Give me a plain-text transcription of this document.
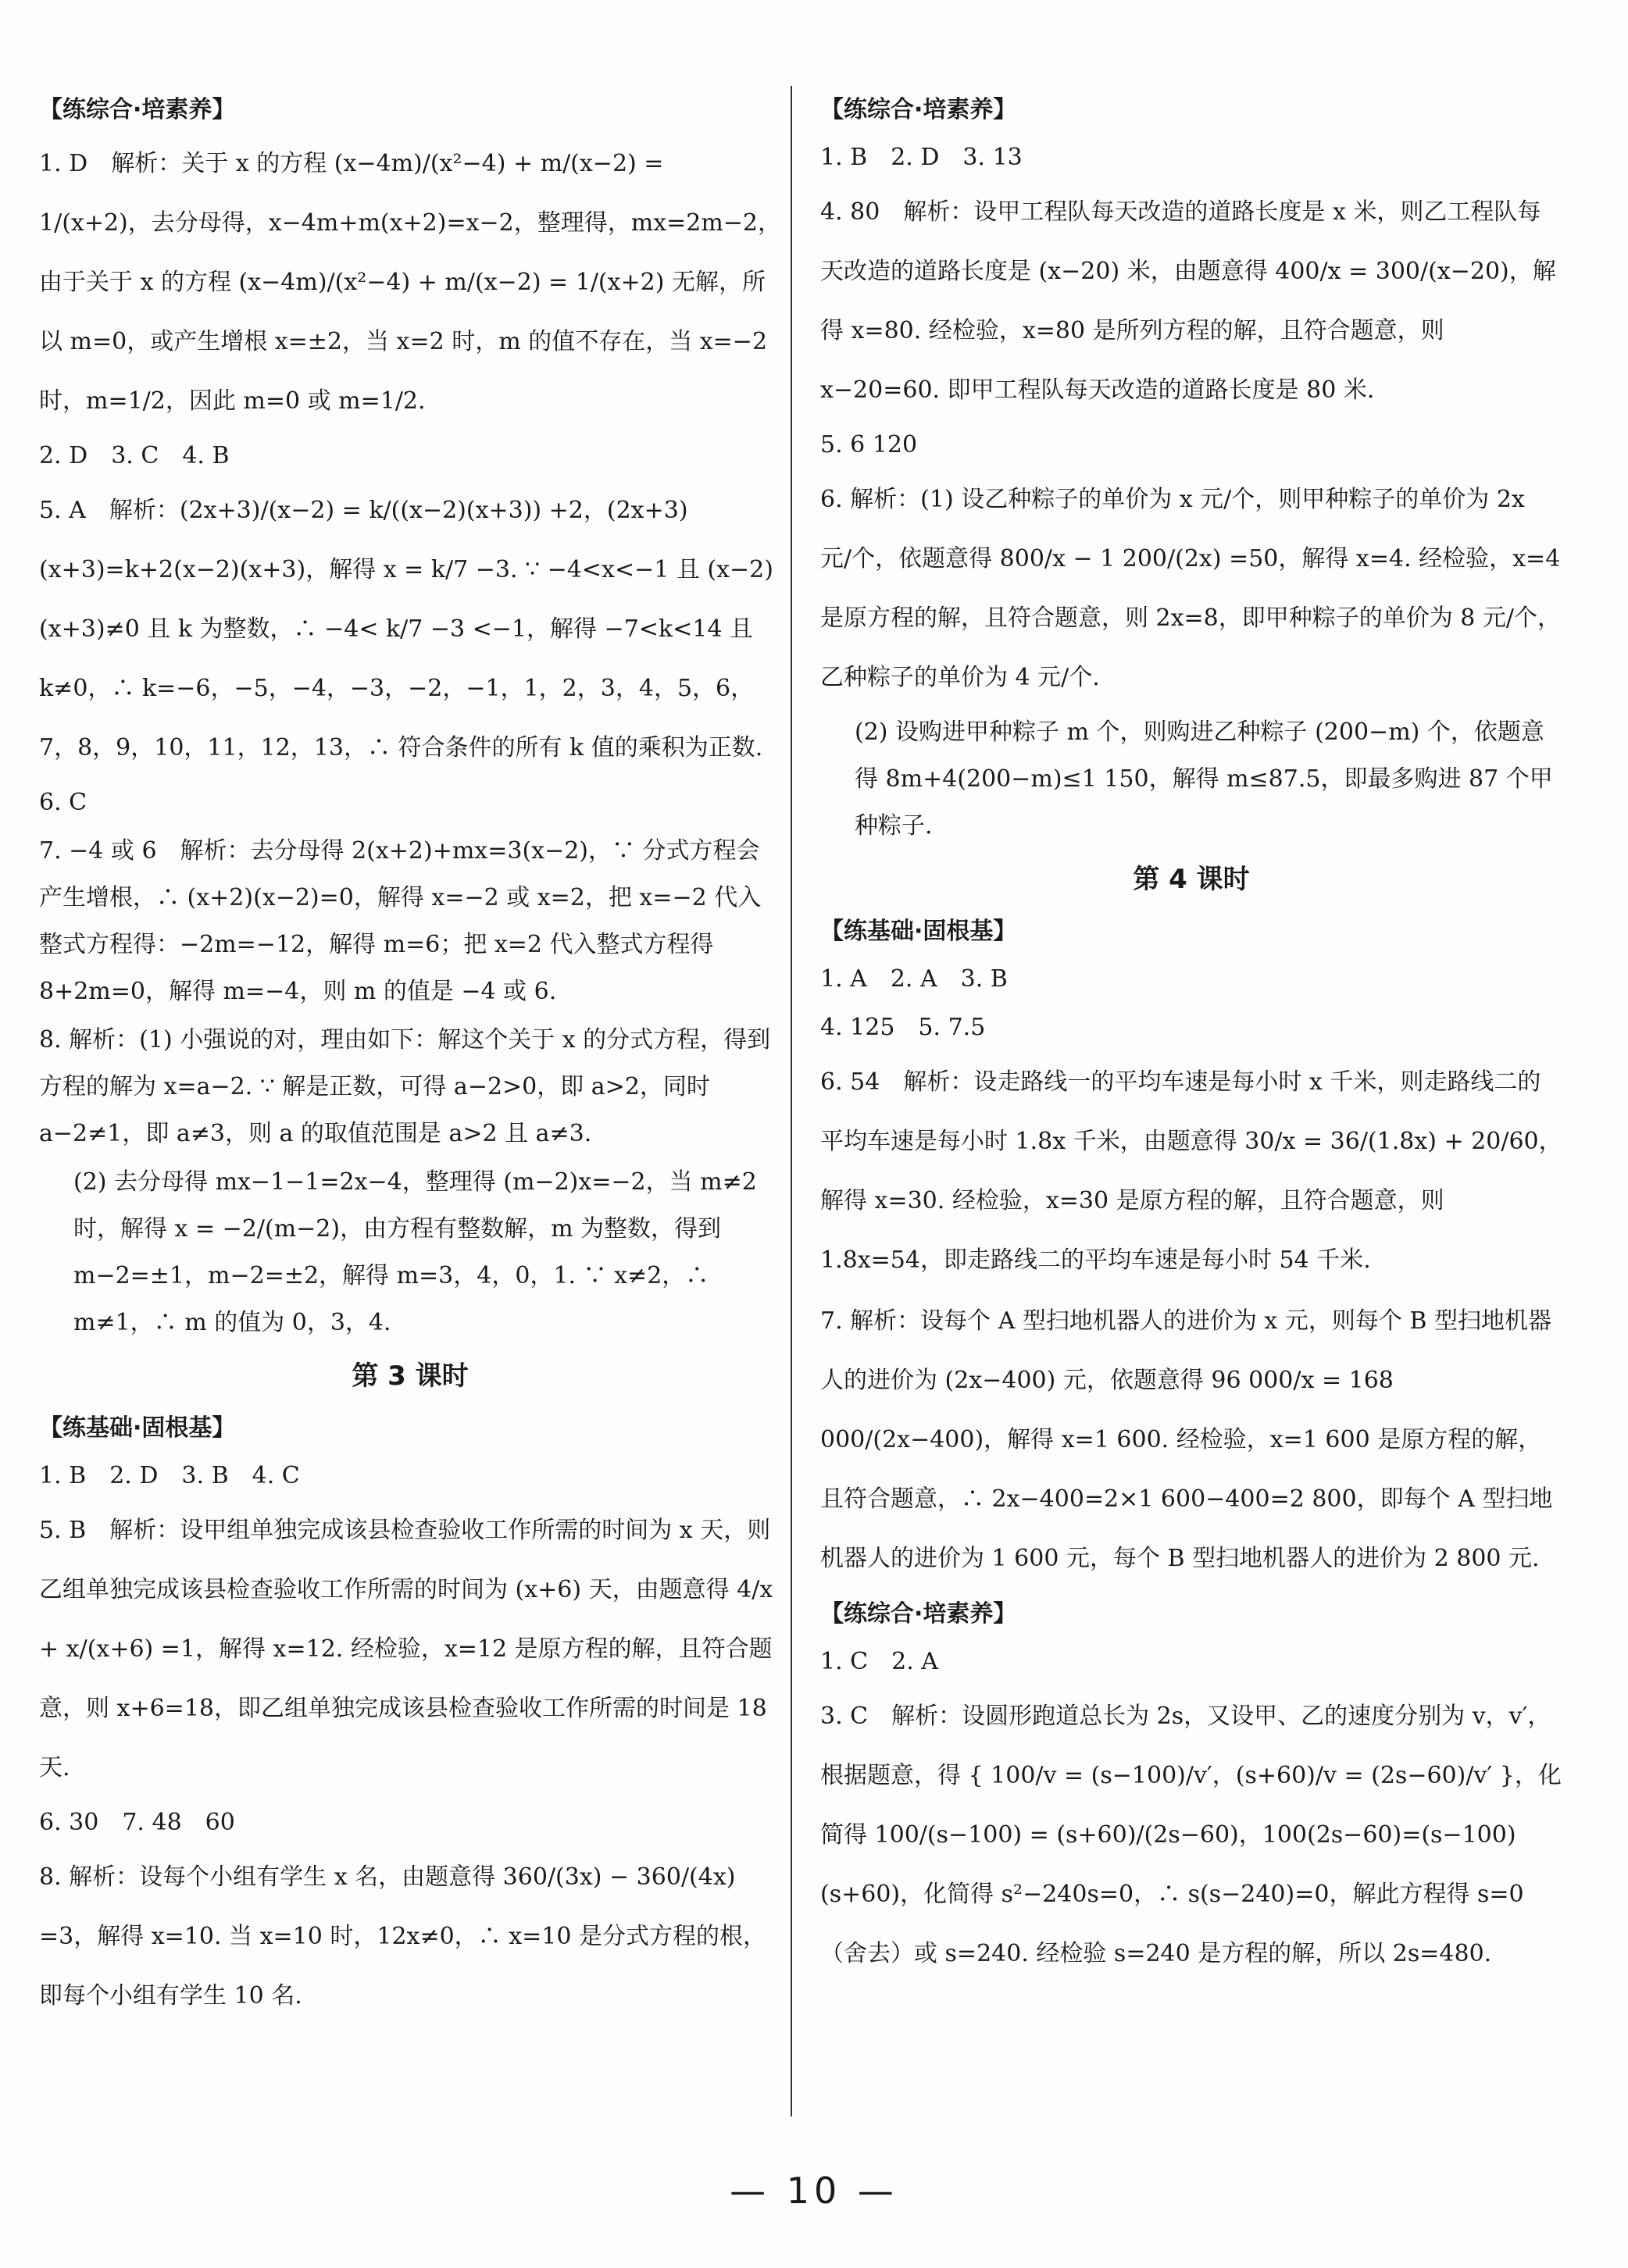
【练综合·培素养】
1. D　解析：关于 x 的方程 (x−4m)/(x²−4) + m/(x−2) = 1/(x+2)，去分母得，x−4m+m(x+2)=x−2，整理得，mx=2m−2，由于关于 x 的方程 (x−4m)/(x²−4) + m/(x−2) = 1/(x+2) 无解，所以 m=0，或产生增根 x=±2，当 x=2 时，m 的值不存在，当 x=−2 时，m=1/2，因此 m=0 或 m=1/2.
2. D　3. C　4. B
5. A　解析：(2x+3)/(x−2) = k/((x−2)(x+3)) +2，(2x+3)(x+3)=k+2(x−2)(x+3)，解得 x = k/7 −3. ∵ −4<x<−1 且 (x−2)(x+3)≠0 且 k 为整数，∴ −4< k/7 −3 <−1，解得 −7<k<14 且 k≠0，∴ k=−6，−5，−4，−3，−2，−1，1，2，3，4，5，6，7，8，9，10，11，12，13，∴ 符合条件的所有 k 值的乘积为正数.
6. C
7. −4 或 6　解析：去分母得 2(x+2)+mx=3(x−2)，∵ 分式方程会产生增根，∴ (x+2)(x−2)=0，解得 x=−2 或 x=2，把 x=−2 代入整式方程得：−2m=−12，解得 m=6；把 x=2 代入整式方程得 8+2m=0，解得 m=−4，则 m 的值是 −4 或 6.
8. 解析：(1) 小强说的对，理由如下：解这个关于 x 的分式方程，得到方程的解为 x=a−2. ∵ 解是正数，可得 a−2>0，即 a>2，同时 a−2≠1，即 a≠3，则 a 的取值范围是 a>2 且 a≠3.
(2) 去分母得 mx−1−1=2x−4，整理得 (m−2)x=−2，当 m≠2 时，解得 x = −2/(m−2)，由方程有整数解，m 为整数，得到 m−2=±1，m−2=±2，解得 m=3，4，0，1. ∵ x≠2，∴ m≠1，∴ m 的值为 0，3，4.
第 3 课时
【练基础·固根基】
1. B　2. D　3. B　4. C
5. B　解析：设甲组单独完成该县检查验收工作所需的时间为 x 天，则乙组单独完成该县检查验收工作所需的时间为 (x+6) 天，由题意得 4/x + x/(x+6) =1，解得 x=12. 经检验，x=12 是原方程的解，且符合题意，则 x+6=18，即乙组单独完成该县检查验收工作所需的时间是 18 天.
6. 30　7. 48　60
8. 解析：设每个小组有学生 x 名，由题意得 360/(3x) − 360/(4x) =3，解得 x=10. 当 x=10 时，12x≠0，∴ x=10 是分式方程的根，即每个小组有学生 10 名.
【练综合·培素养】
1. B　2. D　3. 13
4. 80　解析：设甲工程队每天改造的道路长度是 x 米，则乙工程队每天改造的道路长度是 (x−20) 米，由题意得 400/x = 300/(x−20)，解得 x=80. 经检验，x=80 是所列方程的解，且符合题意，则 x−20=60. 即甲工程队每天改造的道路长度是 80 米.
5. 6 120
6. 解析：(1) 设乙种粽子的单价为 x 元/个，则甲种粽子的单价为 2x 元/个，依题意得 800/x − 1 200/(2x) =50，解得 x=4. 经检验，x=4 是原方程的解，且符合题意，则 2x=8，即甲种粽子的单价为 8 元/个，乙种粽子的单价为 4 元/个.
(2) 设购进甲种粽子 m 个，则购进乙种粽子 (200−m) 个，依题意得 8m+4(200−m)≤1 150，解得 m≤87.5，即最多购进 87 个甲种粽子.
第 4 课时
【练基础·固根基】
1. A　2. A　3. B
4. 125　5. 7.5
6. 54　解析：设走路线一的平均车速是每小时 x 千米，则走路线二的平均车速是每小时 1.8x 千米，由题意得 30/x = 36/(1.8x) + 20/60，解得 x=30. 经检验，x=30 是原方程的解，且符合题意，则 1.8x=54，即走路线二的平均车速是每小时 54 千米.
7. 解析：设每个 A 型扫地机器人的进价为 x 元，则每个 B 型扫地机器人的进价为 (2x−400) 元，依题意得 96 000/x = 168 000/(2x−400)，解得 x=1 600. 经检验，x=1 600 是原方程的解，且符合题意，∴ 2x−400=2×1 600−400=2 800，即每个 A 型扫地机器人的进价为 1 600 元，每个 B 型扫地机器人的进价为 2 800 元.
【练综合·培素养】
1. C　2. A
3. C　解析：设圆形跑道总长为 2s，又设甲、乙的速度分别为 v，v′，根据题意，得 { 100/v = (s−100)/v′，(s+60)/v = (2s−60)/v′ }，化简得 100/(s−100) = (s+60)/(2s−60)，100(2s−60)=(s−100)(s+60)，化简得 s²−240s=0，∴ s(s−240)=0，解此方程得 s=0（舍去）或 s=240. 经检验 s=240 是方程的解，所以 2s=480.
— 10 —
